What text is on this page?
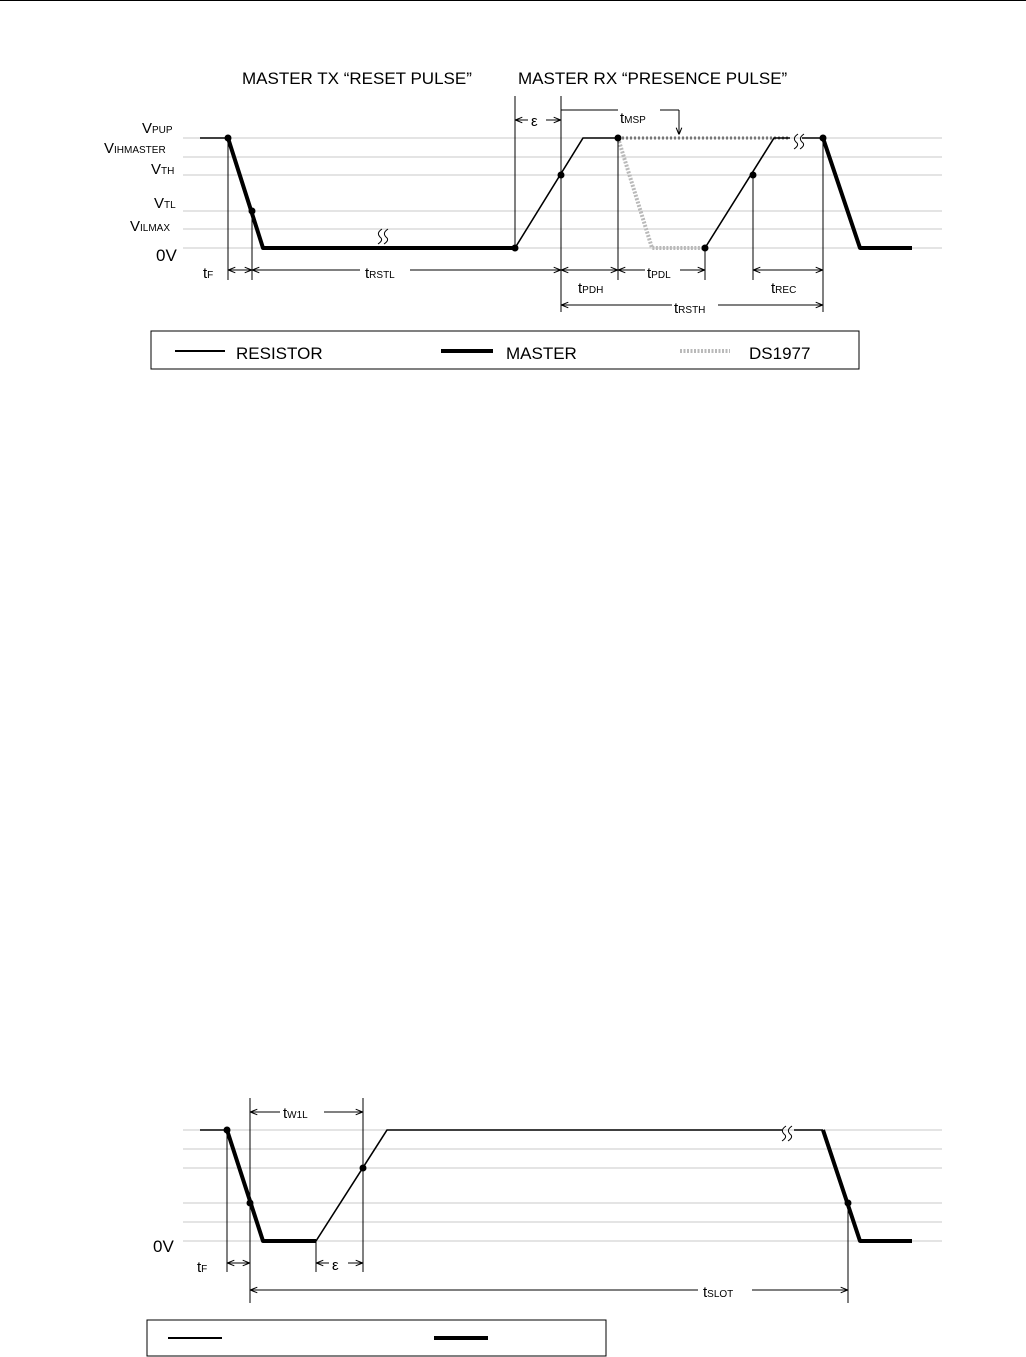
MASTER TX “RESET PULSE”	MASTER RX “PRESENCE PULSE”
VPUP
VIHMASTER
VTH
VTL
VILMAX
0V
ε	tMSP
tF	tRSTL
tPDH
tPDL
tREC
tRSTH
RESISTOR	MASTER	DS1977
0V
tW1L
tF	ε
tSLOT
